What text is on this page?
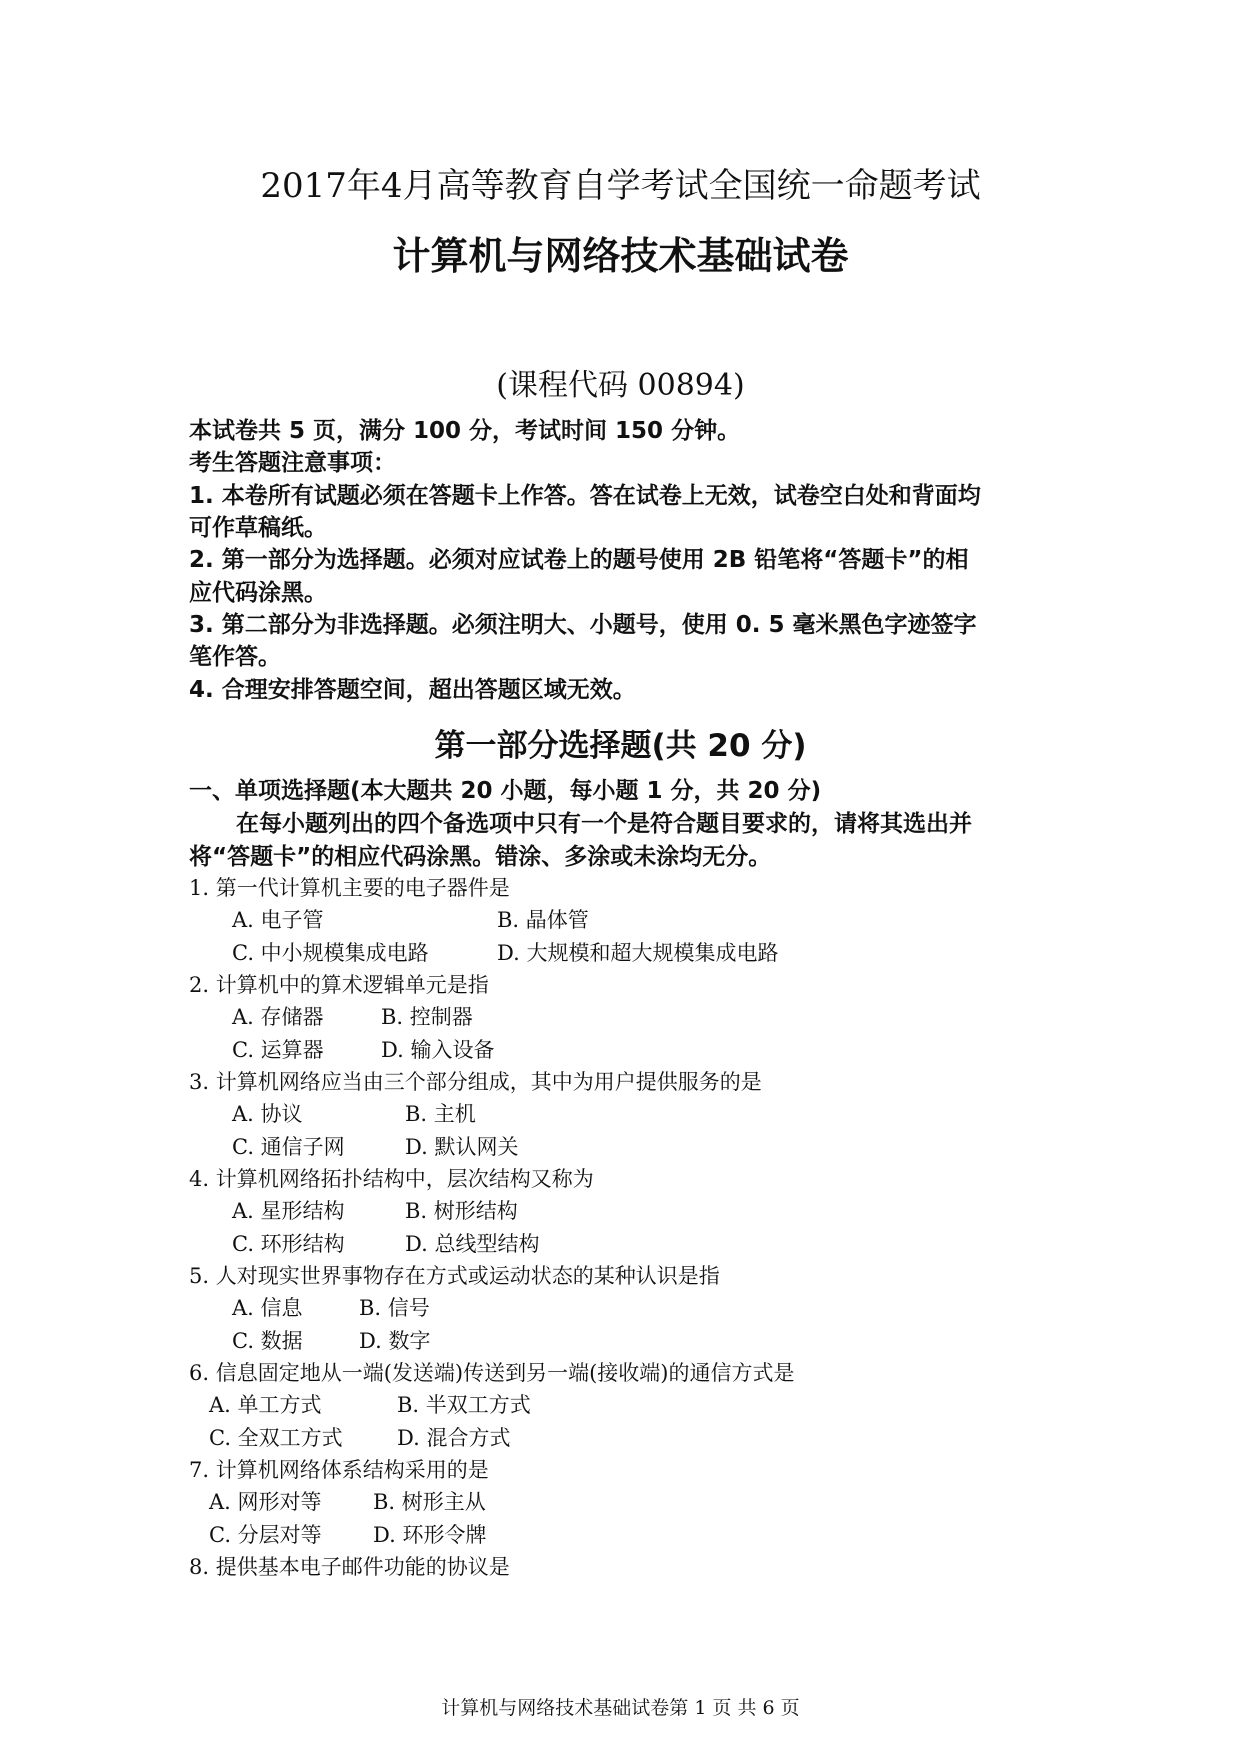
2017年4月高等教育自学考试全国统一命题考试
计算机与网络技术基础试卷
(课程代码 00894)
本试卷共 5 页，满分 100 分，考试时间 150 分钟。
考生答题注意事项：
1. 本卷所有试题必须在答题卡上作答。答在试卷上无效，试卷空白处和背面均
可作草稿纸。
2. 第一部分为选择题。必须对应试卷上的题号使用 2B 铅笔将“答题卡”的相
应代码涂黑。
3. 第二部分为非选择题。必须注明大、小题号，使用 0. 5 毫米黑色字迹签字
笔作答。
4. 合理安排答题空间，超出答题区域无效。
第一部分选择题(共 20 分)
一、单项选择题(本大题共 20 小题，每小题 1 分，共 20 分)
在每小题列出的四个备选项中只有一个是符合题目要求的，请将其选出并
将“答题卡”的相应代码涂黑。错涂、多涂或未涂均无分。
1. 第一代计算机主要的电子器件是
A. 电子管	B. 晶体管
C. 中小规模集成电路	D. 大规模和超大规模集成电路
2. 计算机中的算术逻辑单元是指
A. 存储器	B. 控制器
C. 运算器	D. 输入设备
3. 计算机网络应当由三个部分组成，其中为用户提供服务的是
A. 协议	B. 主机
C. 通信子网	D. 默认网关
4. 计算机网络拓扑结构中，层次结构又称为
A. 星形结构	B. 树形结构
C. 环形结构	D. 总线型结构
5. 人对现实世界事物存在方式或运动状态的某种认识是指
A. 信息	B. 信号
C. 数据	D. 数字
6. 信息固定地从一端(发送端)传送到另一端(接收端)的通信方式是
A. 单工方式	B. 半双工方式
C. 全双工方式	D. 混合方式
7. 计算机网络体系结构采用的是
A. 网形对等 B. 树形主从
C. 分层对等 D. 环形令牌
8. 提供基本电子邮件功能的协议是
计算机与网络技术基础试卷第 1 页 共 6 页
